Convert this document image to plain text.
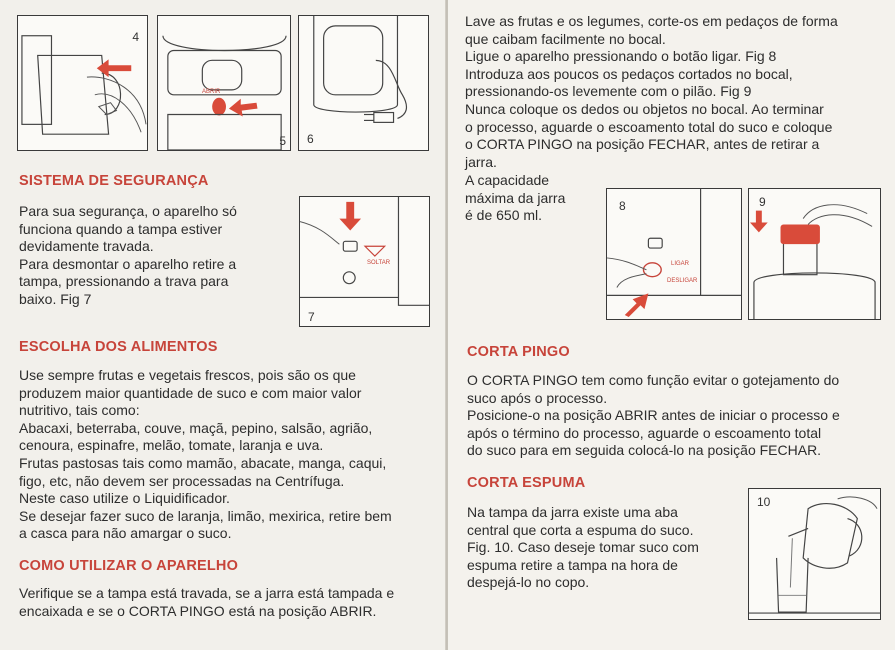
4
ABRIR
5 6
SISTEMA DE SEGURANÇA
Para sua segurança, o aparelho só
funciona quando a tampa estiver
devidamente travada.
Para desmontar o aparelho retire a
tampa, pressionando a trava para
baixo. Fig 7
SOLTAR
7
ESCOLHA DOS ALIMENTOS
Use sempre frutas e vegetais frescos, pois são os que
produzem maior quantidade de suco e com maior valor
nutritivo, tais como:
Abacaxi, beterraba, couve, maçã, pepino, salsão, agrião,
cenoura, espinafre, melão, tomate, laranja e uva.
Frutas pastosas tais como mamão, abacate, manga, caqui,
figo, etc, não devem ser processadas na Centrífuga.
Neste caso utilize o Liquidificador.
Se desejar fazer suco de laranja, limão, mexirica, retire bem
a casca para não amargar o suco.
COMO UTILIZAR O APARELHO
Verifique se a tampa está travada, se a jarra está tampada e
encaixada e se o CORTA PINGO está na posição ABRIR.
Lave as frutas e os legumes, corte-os em pedaços de forma
que caibam facilmente no bocal.
Ligue o aparelho pressionando o botão ligar. Fig 8
Introduza aos poucos os pedaços cortados no bocal,
pressionando-os levemente com o pilão. Fig 9
Nunca coloque os dedos ou objetos no bocal. Ao terminar
o processo, aguarde o escoamento total do suco e coloque
o CORTA PINGO na posição FECHAR, antes de retirar a
jarra.
A capacidade
máxima da jarra
é de 650 ml.
LIGAR
DESLIGAR
8	9
CORTA PINGO
O CORTA PINGO tem como função evitar o gotejamento do
suco após o processo.
Posicione-o na posição ABRIR antes de iniciar o processo e
após o término do processo, aguarde o escoamento total
do suco para em seguida colocá-lo na posição FECHAR.
CORTA ESPUMA
Na tampa da jarra existe uma aba
central que corta a espuma do suco.
Fig. 10. Caso deseje tomar suco com
espuma retire a tampa na hora de
despejá-lo no copo.
10
